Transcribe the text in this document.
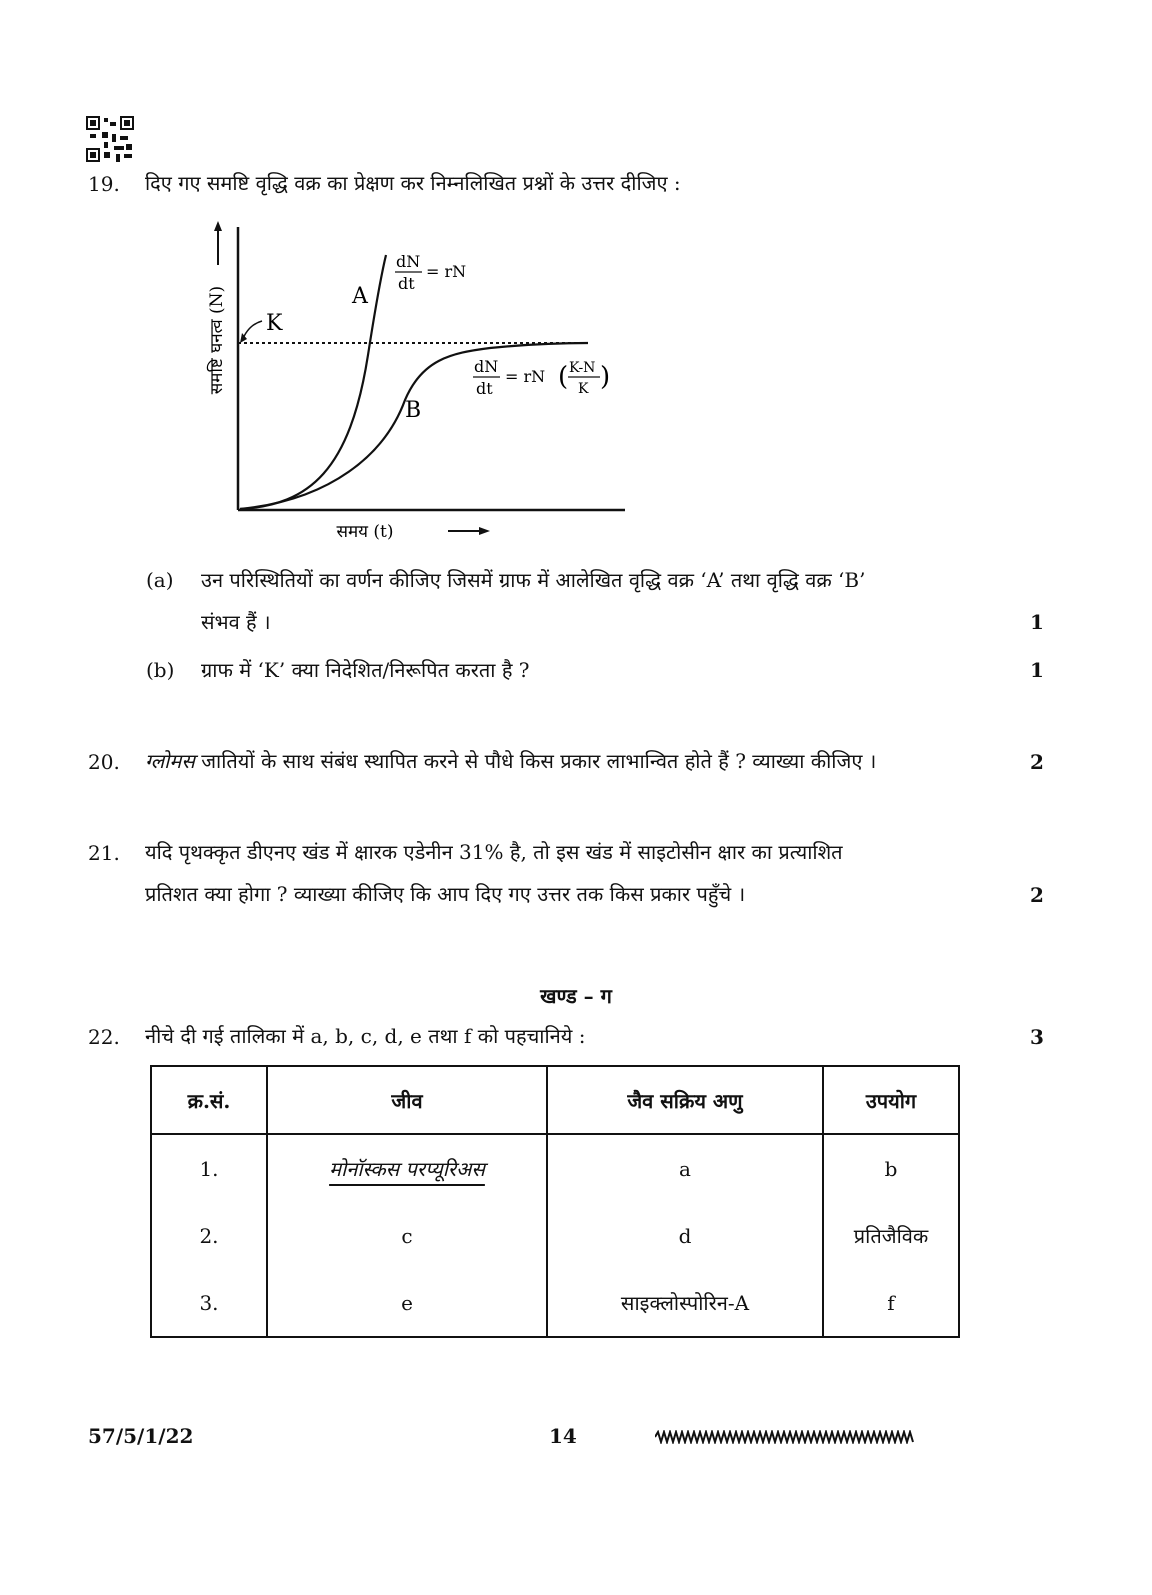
19. दिए गए समष्टि वृद्धि वक्र का प्रेक्षण कर निम्नलिखित प्रश्नों के उत्तर दीजिए :
समष्टि घनत्व (N) K
A
B
dN
dt
= rN
dN
dt
= rN ( K-N
K )
समय (t)
(a) उन परिस्थितियों का वर्णन कीजिए जिसमें ग्राफ में आलेखित वृद्धि वक्र ‘A’ तथा वृद्धि वक्र ‘B’
संभव हैं ।	1
(b) ग्राफ में ‘K’ क्या निदेशित/निरूपित करता है ?	1
20. ग्लोमस जातियों के साथ संबंध स्थापित करने से पौधे किस प्रकार लाभान्वित होते हैं ? व्याख्या कीजिए ।	2
21. यदि पृथक्कृत डीएनए खंड में क्षारक एडेनीन 31% है, तो इस खंड में साइटोसीन क्षार का प्रत्याशित
प्रतिशत क्या होगा ? व्याख्या कीजिए कि आप दिए गए उत्तर तक किस प्रकार पहुँचे ।	2
खण्ड – ग
22. नीचे दी गई तालिका में a, b, c, d, e तथा f को पहचानिये :	3
क्र.सं.	जीव	जैव सक्रिय अणु	उपयोग
1.	मोनॉस्कस परप्यूरिअस	a	b
2.	c	d	प्रतिजैविक
3.	e	साइक्लोस्पोरिन-A	f
57/5/1/22	14
